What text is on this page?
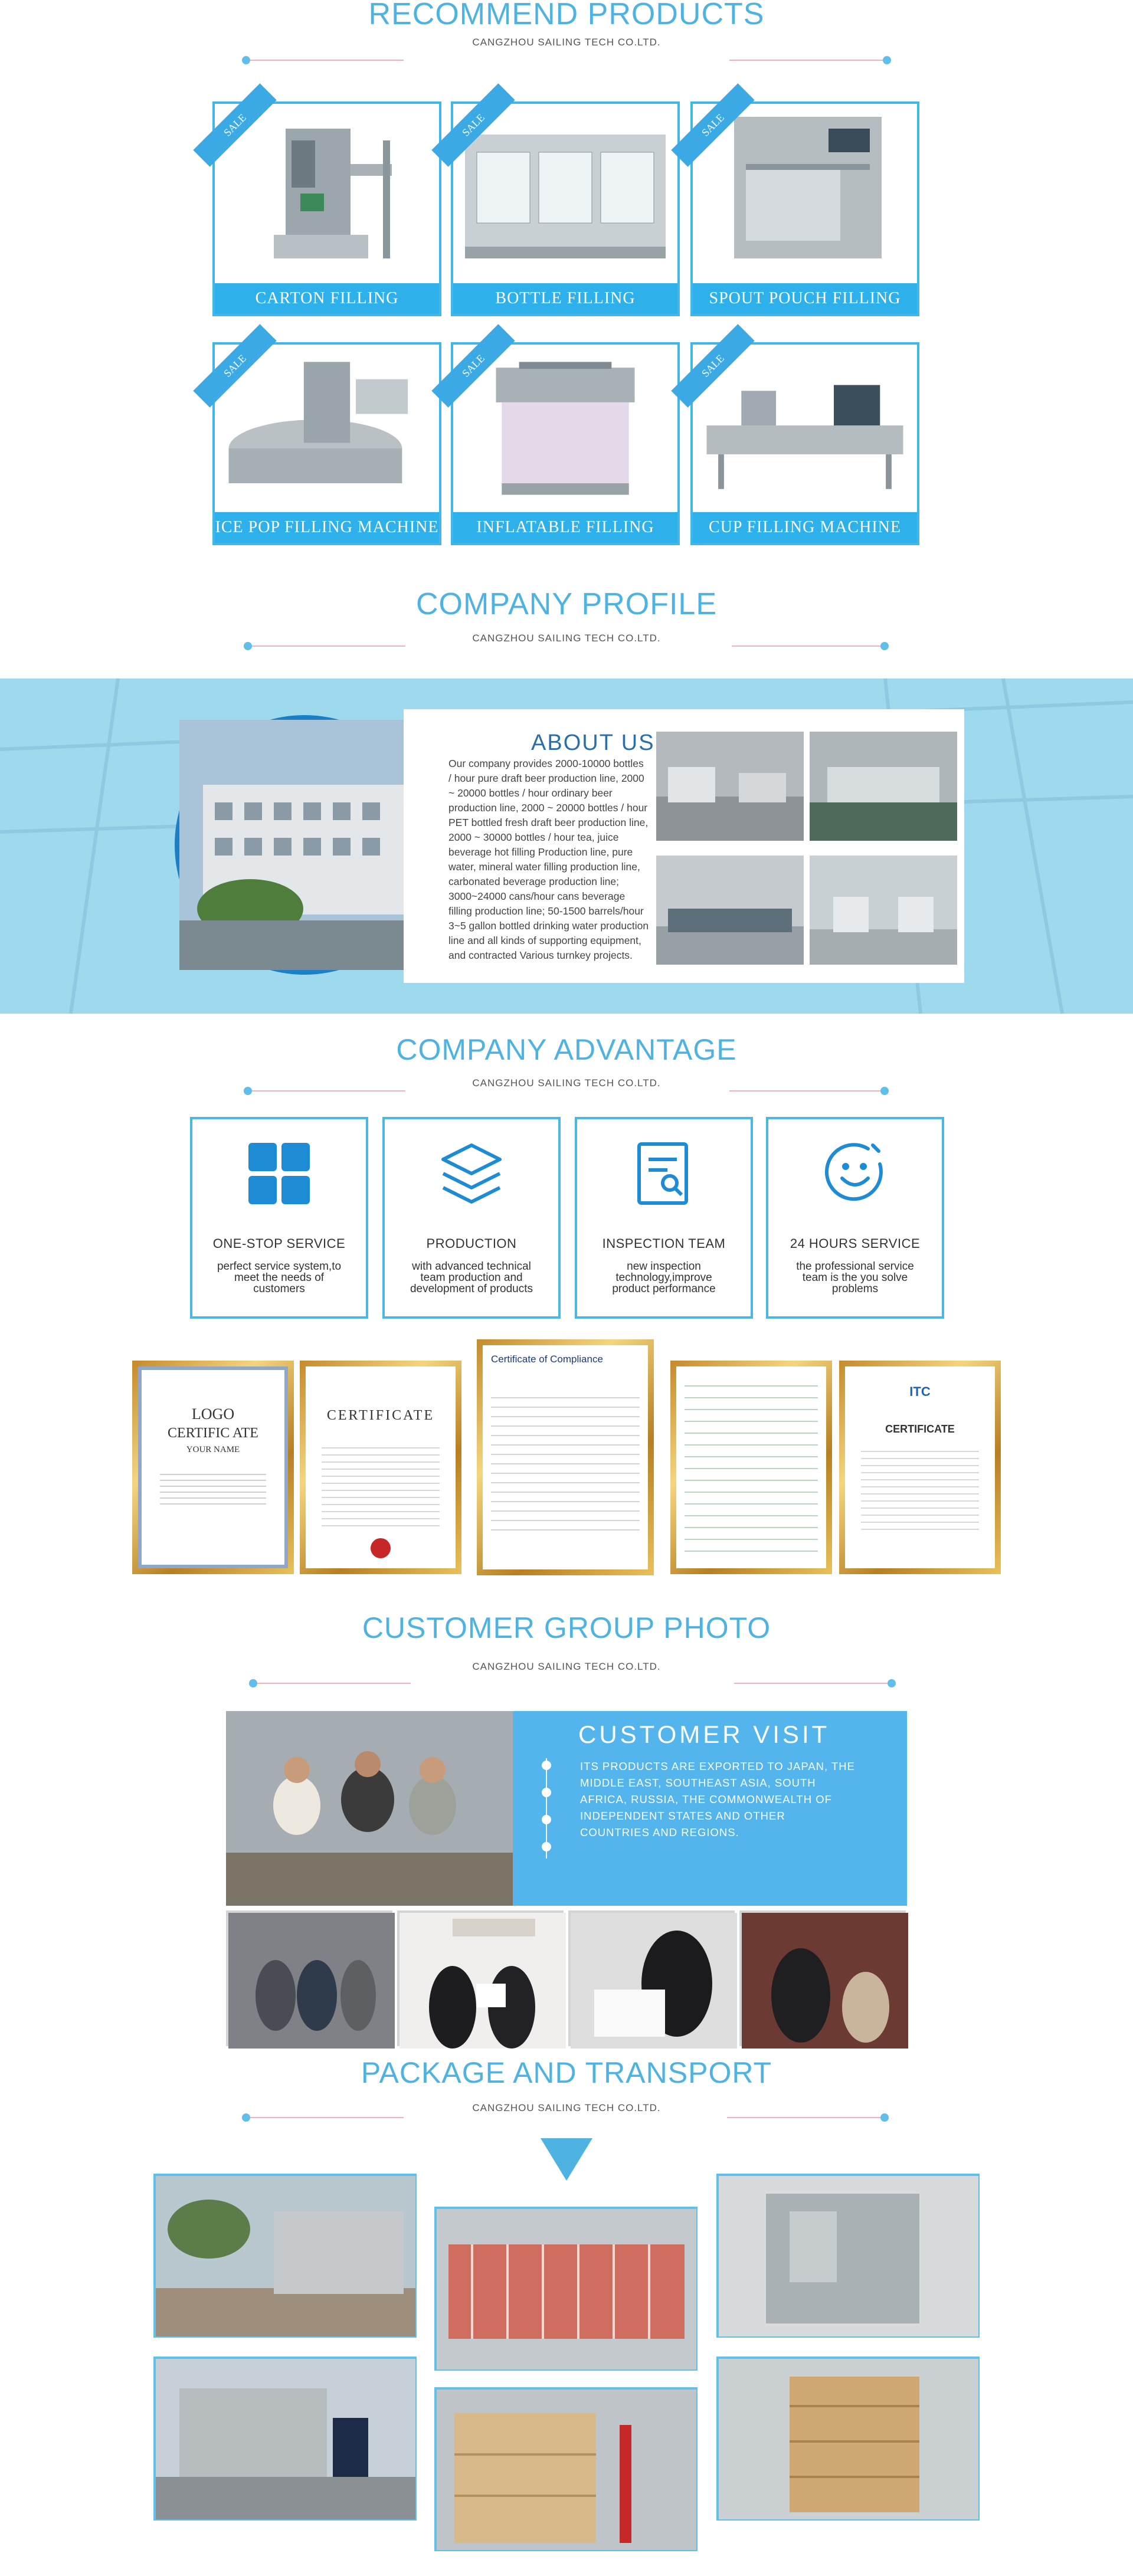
RECOMMEND PRODUCTS
CANGZHOU SAILING TECH CO.LTD.
SALE
CARTON FILLING MACHINE
SALE
BOTTLE FILLING MACHINE
SALE
SPOUT POUCH FILLING MACHINE
SALE
ICE POP FILLING MACHINE
SALE
INFLATABLE FILLING MACHINE
SALE
CUP FILLING MACHINE
COMPANY PROFILE
CANGZHOU SAILING TECH CO.LTD.
ABOUT US
Our company provides 2000-10000 bottles / hour pure draft beer production line, 2000 ~ 20000 bottles / hour ordinary beer production line, 2000 ~ 20000 bottles / hour PET bottled fresh draft beer production line, 2000 ~ 30000 bottles / hour tea, juice beverage hot filling Production line, pure water, mineral water filling production line, carbonated beverage production line; 3000~24000 cans/hour cans beverage filling production line; 50-1500 barrels/hour 3~5 gallon bottled drinking water production line and all kinds of supporting equipment, and contracted Various turnkey projects.
COMPANY ADVANTAGE
CANGZHOU SAILING TECH CO.LTD.
ONE-STOP SERVICE
perfect service system,to meet the needs of customers
PRODUCTION
with advanced technical team production and development of products
INSPECTION TEAM
new inspection technology,improve product performance
24 HOURS SERVICE
the professional service team is the you solve problems
LOGO
CERTIFIC ATE
YOUR NAME
CERTIFICATE
Certificate of Compliance
ITC
CERTIFICATE
CUSTOMER GROUP PHOTO
CANGZHOU SAILING TECH CO.LTD.
CUSTOMER VISIT
ITS PRODUCTS ARE EXPORTED TO JAPAN, THE MIDDLE EAST, SOUTHEAST ASIA, SOUTH AFRICA, RUSSIA, THE COMMONWEALTH OF INDEPENDENT STATES AND OTHER COUNTRIES AND REGIONS.
PACKAGE AND TRANSPORT
CANGZHOU SAILING TECH CO.LTD.
